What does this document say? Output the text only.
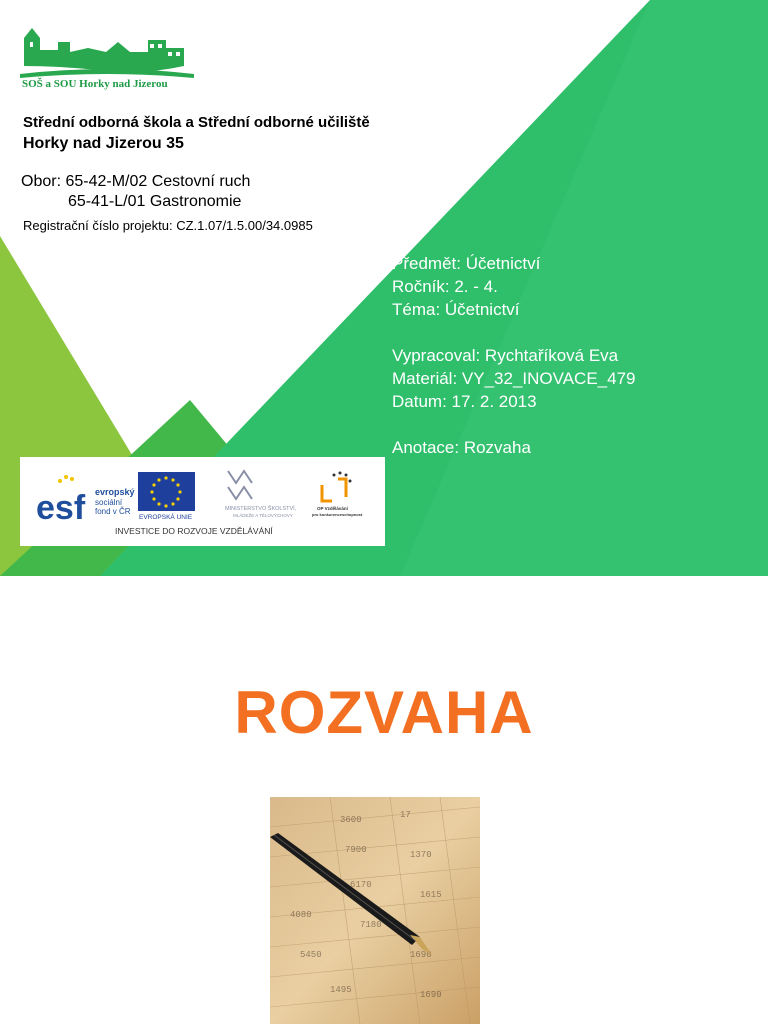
SOŠ a SOU Horky nad Jizerou
Střední odborná škola a Střední odborné učiliště
Horky nad Jizerou 35
Obor: 65-42-M/02 Cestovní ruch
65-41-L/01 Gastronomie
Registrační číslo projektu: CZ.1.07/1.5.00/34.0985
Předmět: Účetnictví
Ročník: 2. - 4.
Téma: Účetnictví
Vypracoval: Rychtaříková Eva
Materiál: VY_32_INOVACE_479
Datum: 17. 2. 2013
Anotace: Rozvaha
esf evropský
sociální
fond v ČR
EVROPSKÁ UNIE
MINISTERSTVO ŠKOLSTVÍ,
MLÁDEŽE A TĚLOVÝCHOVY
OP Vzdělávání
pro konkurenceschopnost
INVESTICE DO ROZVOJE VZDĚLÁVÁNÍ
ROZVAHA
3600	17
7900	1370
6170
1615
4080
7180
5450	1690
1495	1690
